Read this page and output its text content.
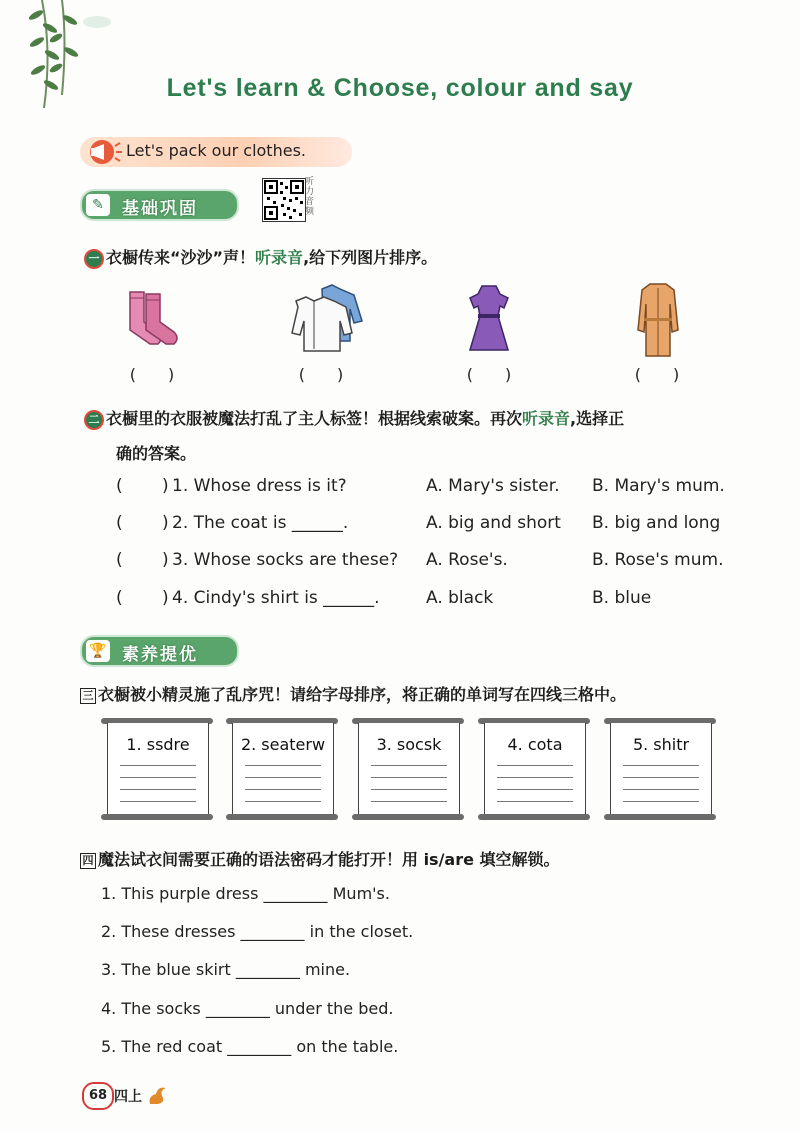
Let's learn & Choose, colour and say
Let's pack our clothes.
✎	基础巩固
听力音频
一 衣橱传来“沙沙”声！听录音,给下列图片排序。
(　　)	(　　)	(　　)	(　　)
二 衣橱里的衣服被魔法打乱了主人标签！根据线索破案。再次听录音,选择正
确的答案。
( ) 1. Whose dress is it?	A. Mary's sister. B. Mary's mum.
( ) 2. The coat is ______.	A. big and short B. big and long
( ) 3. Whose socks are these? A. Rose's.	B. Rose's mum.
( ) 4. Cindy's shirt is ______.	A. black	B. blue
🏆 素养提优
三 衣橱被小精灵施了乱序咒！请给字母排序，将正确的单词写在四线三格中。
1. ssdre	2. seaterw	3. socsk	4. cota	5. shitr
四 魔法试衣间需要正确的语法密码才能打开！用 is/are 填空解锁。
1. This purple dress ________ Mum's.
2. These dresses ________ in the closet.
3. The blue skirt ________ mine.
4. The socks ________ under the bed.
5. The red coat ________ on the table.
68 四上
